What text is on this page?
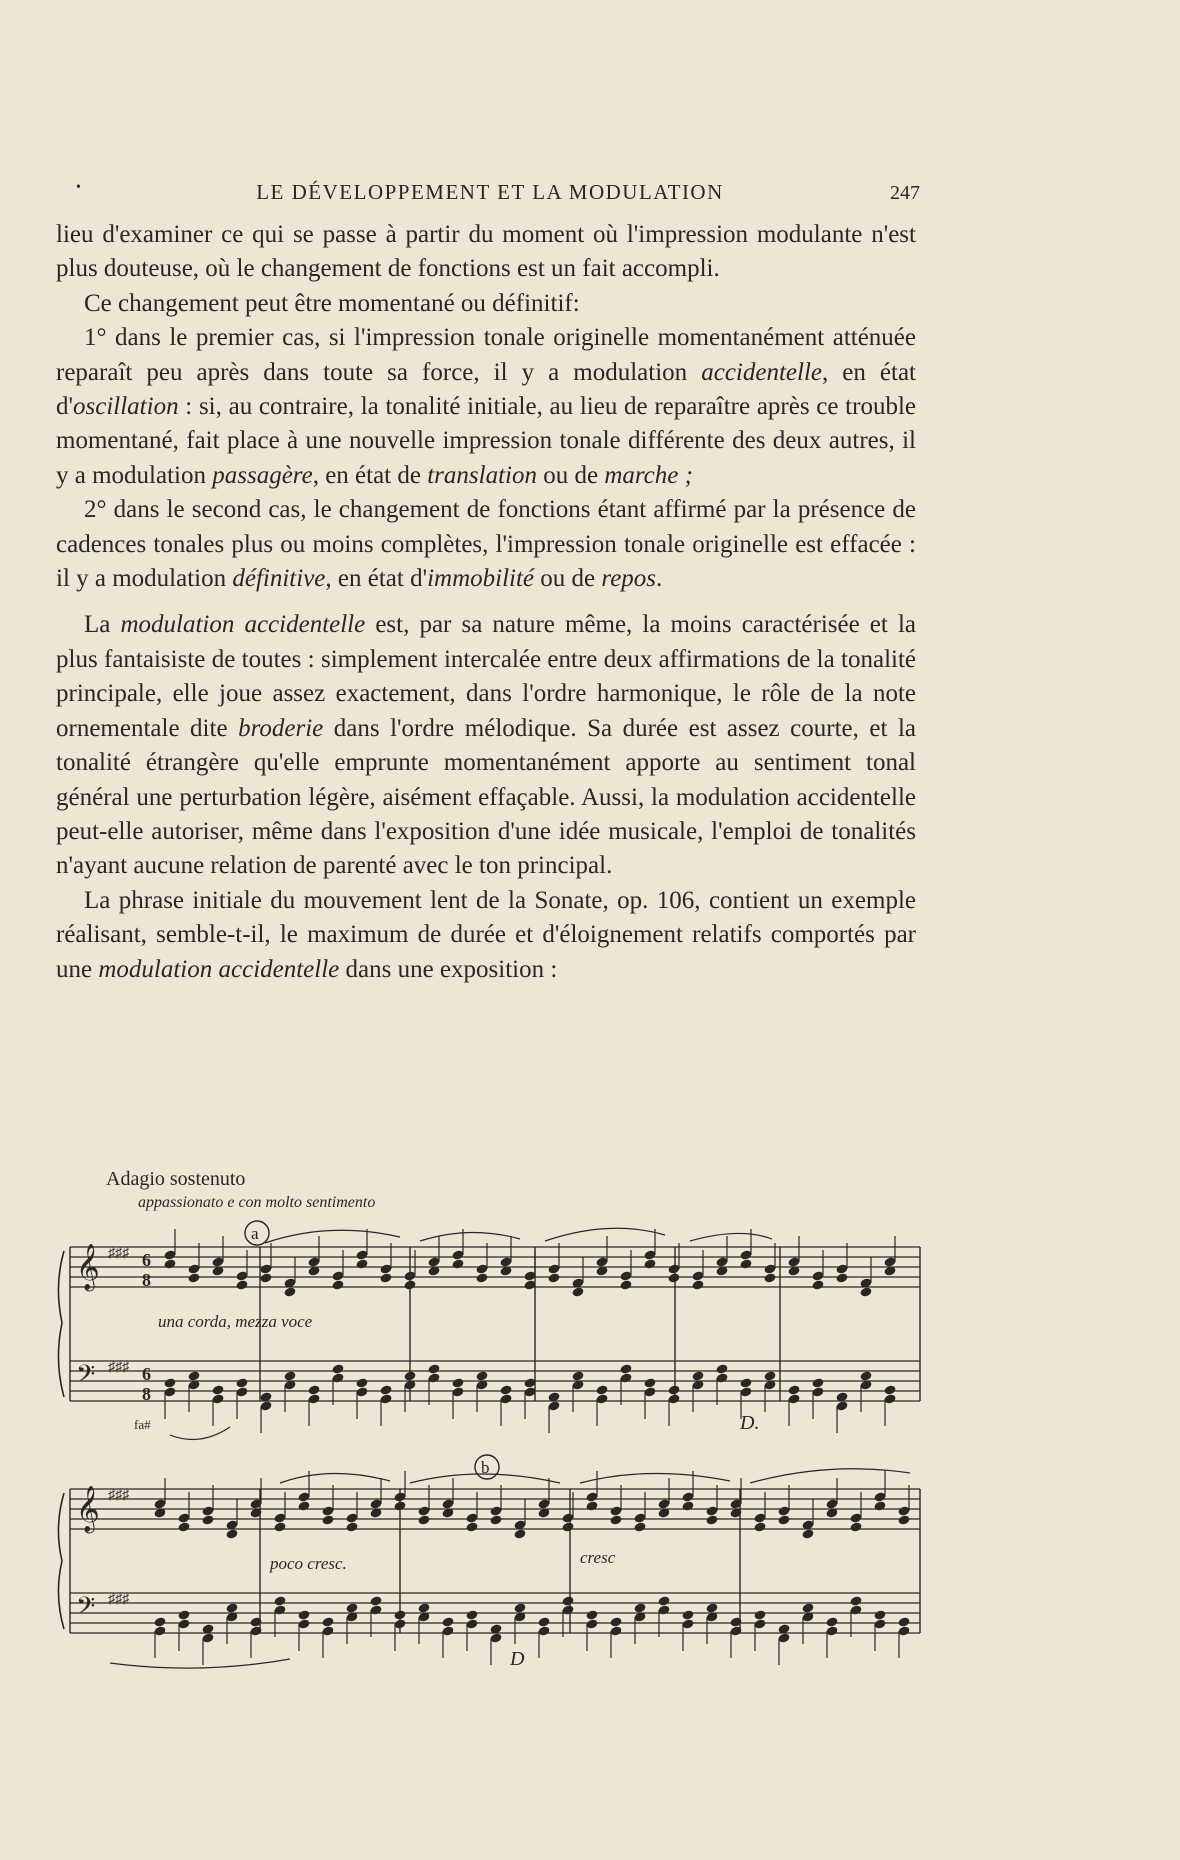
•	LE DÉVELOPPEMENT ET LA MODULATION	247

lieu d'examiner ce qui se passe à partir du moment où l'impression modulante n'est plus douteuse, où le changement de fonctions est un fait accompli.

Ce changement peut être momentané ou définitif:

1° dans le premier cas, si l'impression tonale originelle momentanément atténuée reparaît peu après dans toute sa force, il y a modulation accidentelle, en état d'oscillation : si, au contraire, la tonalité initiale, au lieu de reparaître après ce trouble momentané, fait place à une nouvelle impression tonale différente des deux autres, il y a modulation passagère, en état de translation ou de marche ;

2° dans le second cas, le changement de fonctions étant affirmé par la présence de cadences tonales plus ou moins complètes, l'impression tonale originelle est effacée : il y a modulation définitive, en état d'immobilité ou de repos.

La modulation accidentelle est, par sa nature même, la moins caractérisée et la plus fantaisiste de toutes : simplement intercalée entre deux affirmations de la tonalité principale, elle joue assez exactement, dans l'ordre harmonique, le rôle de la note ornementale dite broderie dans l'ordre mélodique. Sa durée est assez courte, et la tonalité étrangère qu'elle emprunte momentanément apporte au sentiment tonal général une perturbation légère, aisément effaçable. Aussi, la modulation accidentelle peut-elle autoriser, même dans l'exposition d'une idée musicale, l'emploi de tonalités n'ayant aucune relation de parenté avec le ton principal.

La phrase initiale du mouvement lent de la Sonate, op. 106, contient un exemple réalisant, semble-t-il, le maximum de durée et d'éloignement relatifs comportés par une modulation accidentelle dans une exposition :

𝄞
𝄢
𝄞
𝄢
♯♯♯
♯♯♯
♯♯♯
♯♯♯
6
8
6
8
Adagio sostenuto
appassionato e con molto sentimento
a
una corda, mezza voce
fa#	D.
b
poco cresc.	cresc
D
